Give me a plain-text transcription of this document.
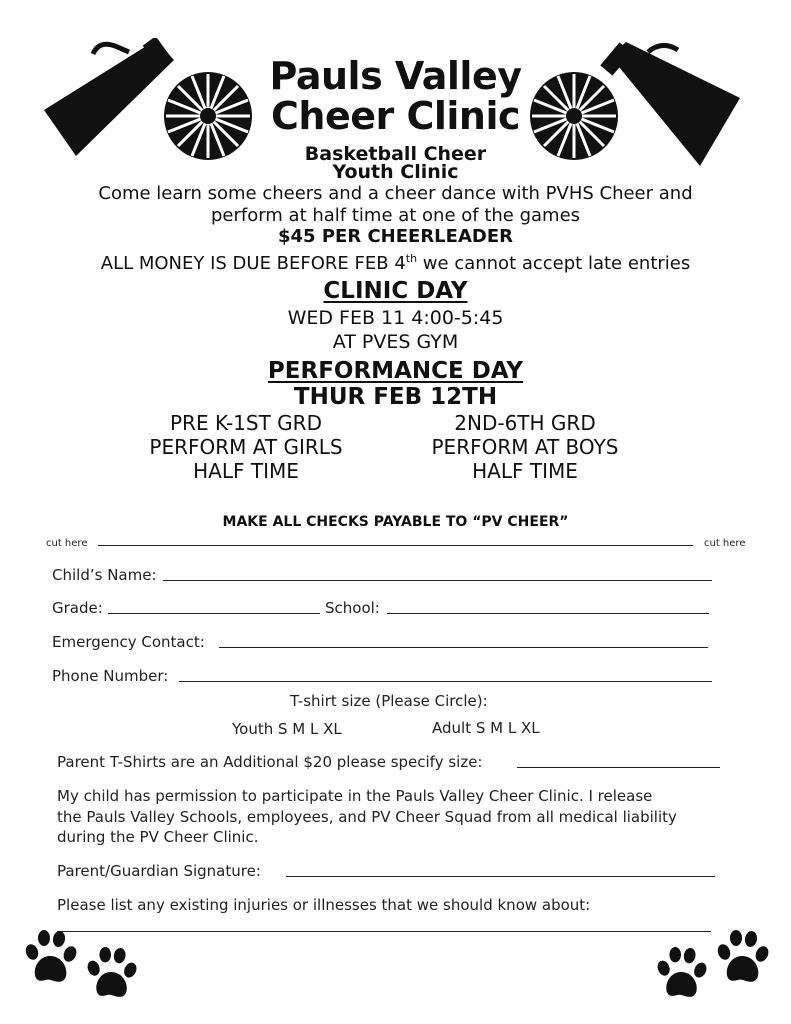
Pauls Valley
Cheer Clinic
Basketball Cheer
Youth Clinic
Come learn some cheers and a cheer dance with PVHS Cheer and
perform at half time at one of the games
$45 PER CHEERLEADER
ALL MONEY IS DUE BEFORE FEB 4th we cannot accept late entries
CLINIC DAY
WED FEB 11 4:00-5:45
AT PVES GYM
PERFORMANCE DAY
THUR FEB 12TH
PRE K-1ST GRD
PERFORM AT GIRLS
HALF TIME
2ND-6TH GRD
PERFORM AT BOYS
HALF TIME
MAKE ALL CHECKS PAYABLE TO “PV CHEER”
cut here	cut here
Child’s Name:
Grade:	School:
Emergency Contact:
Phone Number:
T-shirt size (Please Circle):
Youth S M L XL	Adult S M L XL
Parent T-Shirts are an Additional $20 please specify size:
My child has permission to participate in the Pauls Valley Cheer Clinic. I release
the Pauls Valley Schools, employees, and PV Cheer Squad from all medical liability
during the PV Cheer Clinic.
Parent/Guardian Signature:
Please list any existing injuries or illnesses that we should know about:
